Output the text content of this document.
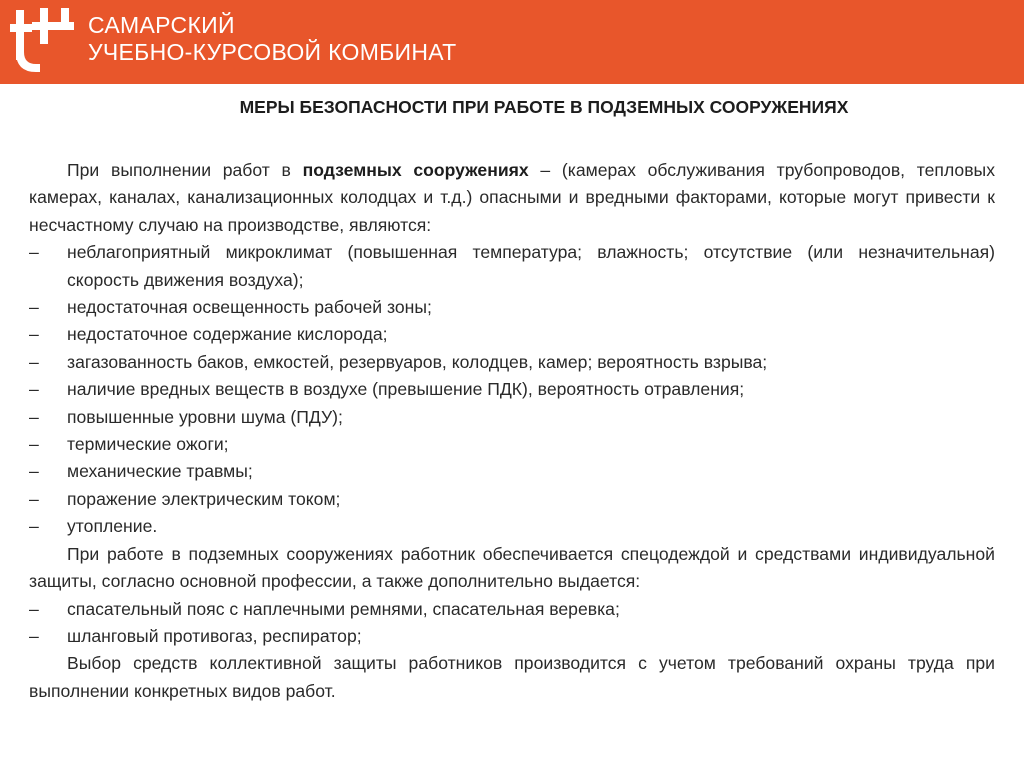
САМАРСКИЙ
УЧЕБНО-КУРСОВОЙ КОМБИНАТ
МЕРЫ БЕЗОПАСНОСТИ ПРИ РАБОТЕ В ПОДЗЕМНЫХ СООРУЖЕНИЯХ

При выполнении работ в подземных сооружениях – (камерах обслуживания трубопроводов, тепловых камерах, каналах, канализационных колодцах и т.д.) опасными и вредными факторами, которые могут привести к несчастному случаю на производстве, являются:

– неблагоприятный микроклимат (повышенная температура; влажность; отсутствие (или незначительная) скорость движения воздуха);

– недостаточная освещенность рабочей зоны;

– недостаточное содержание кислорода;

– загазованность баков, емкостей, резервуаров, колодцев, камер; вероятность взрыва;

– наличие вредных веществ в воздухе (превышение ПДК), вероятность отравления;

– повышенные уровни шума (ПДУ);

– термические ожоги;

– механические травмы;

– поражение электрическим током;

– утопление.

При работе в подземных сооружениях работник обеспечивается спецодеждой и средствами индивидуальной защиты, согласно основной профессии, а также дополнительно выдается:

– спасательный пояс с наплечными ремнями, спасательная веревка;

– шланговый противогаз, респиратор;

Выбор средств коллективной защиты работников производится с учетом требований охраны труда при выполнении конкретных видов работ.
